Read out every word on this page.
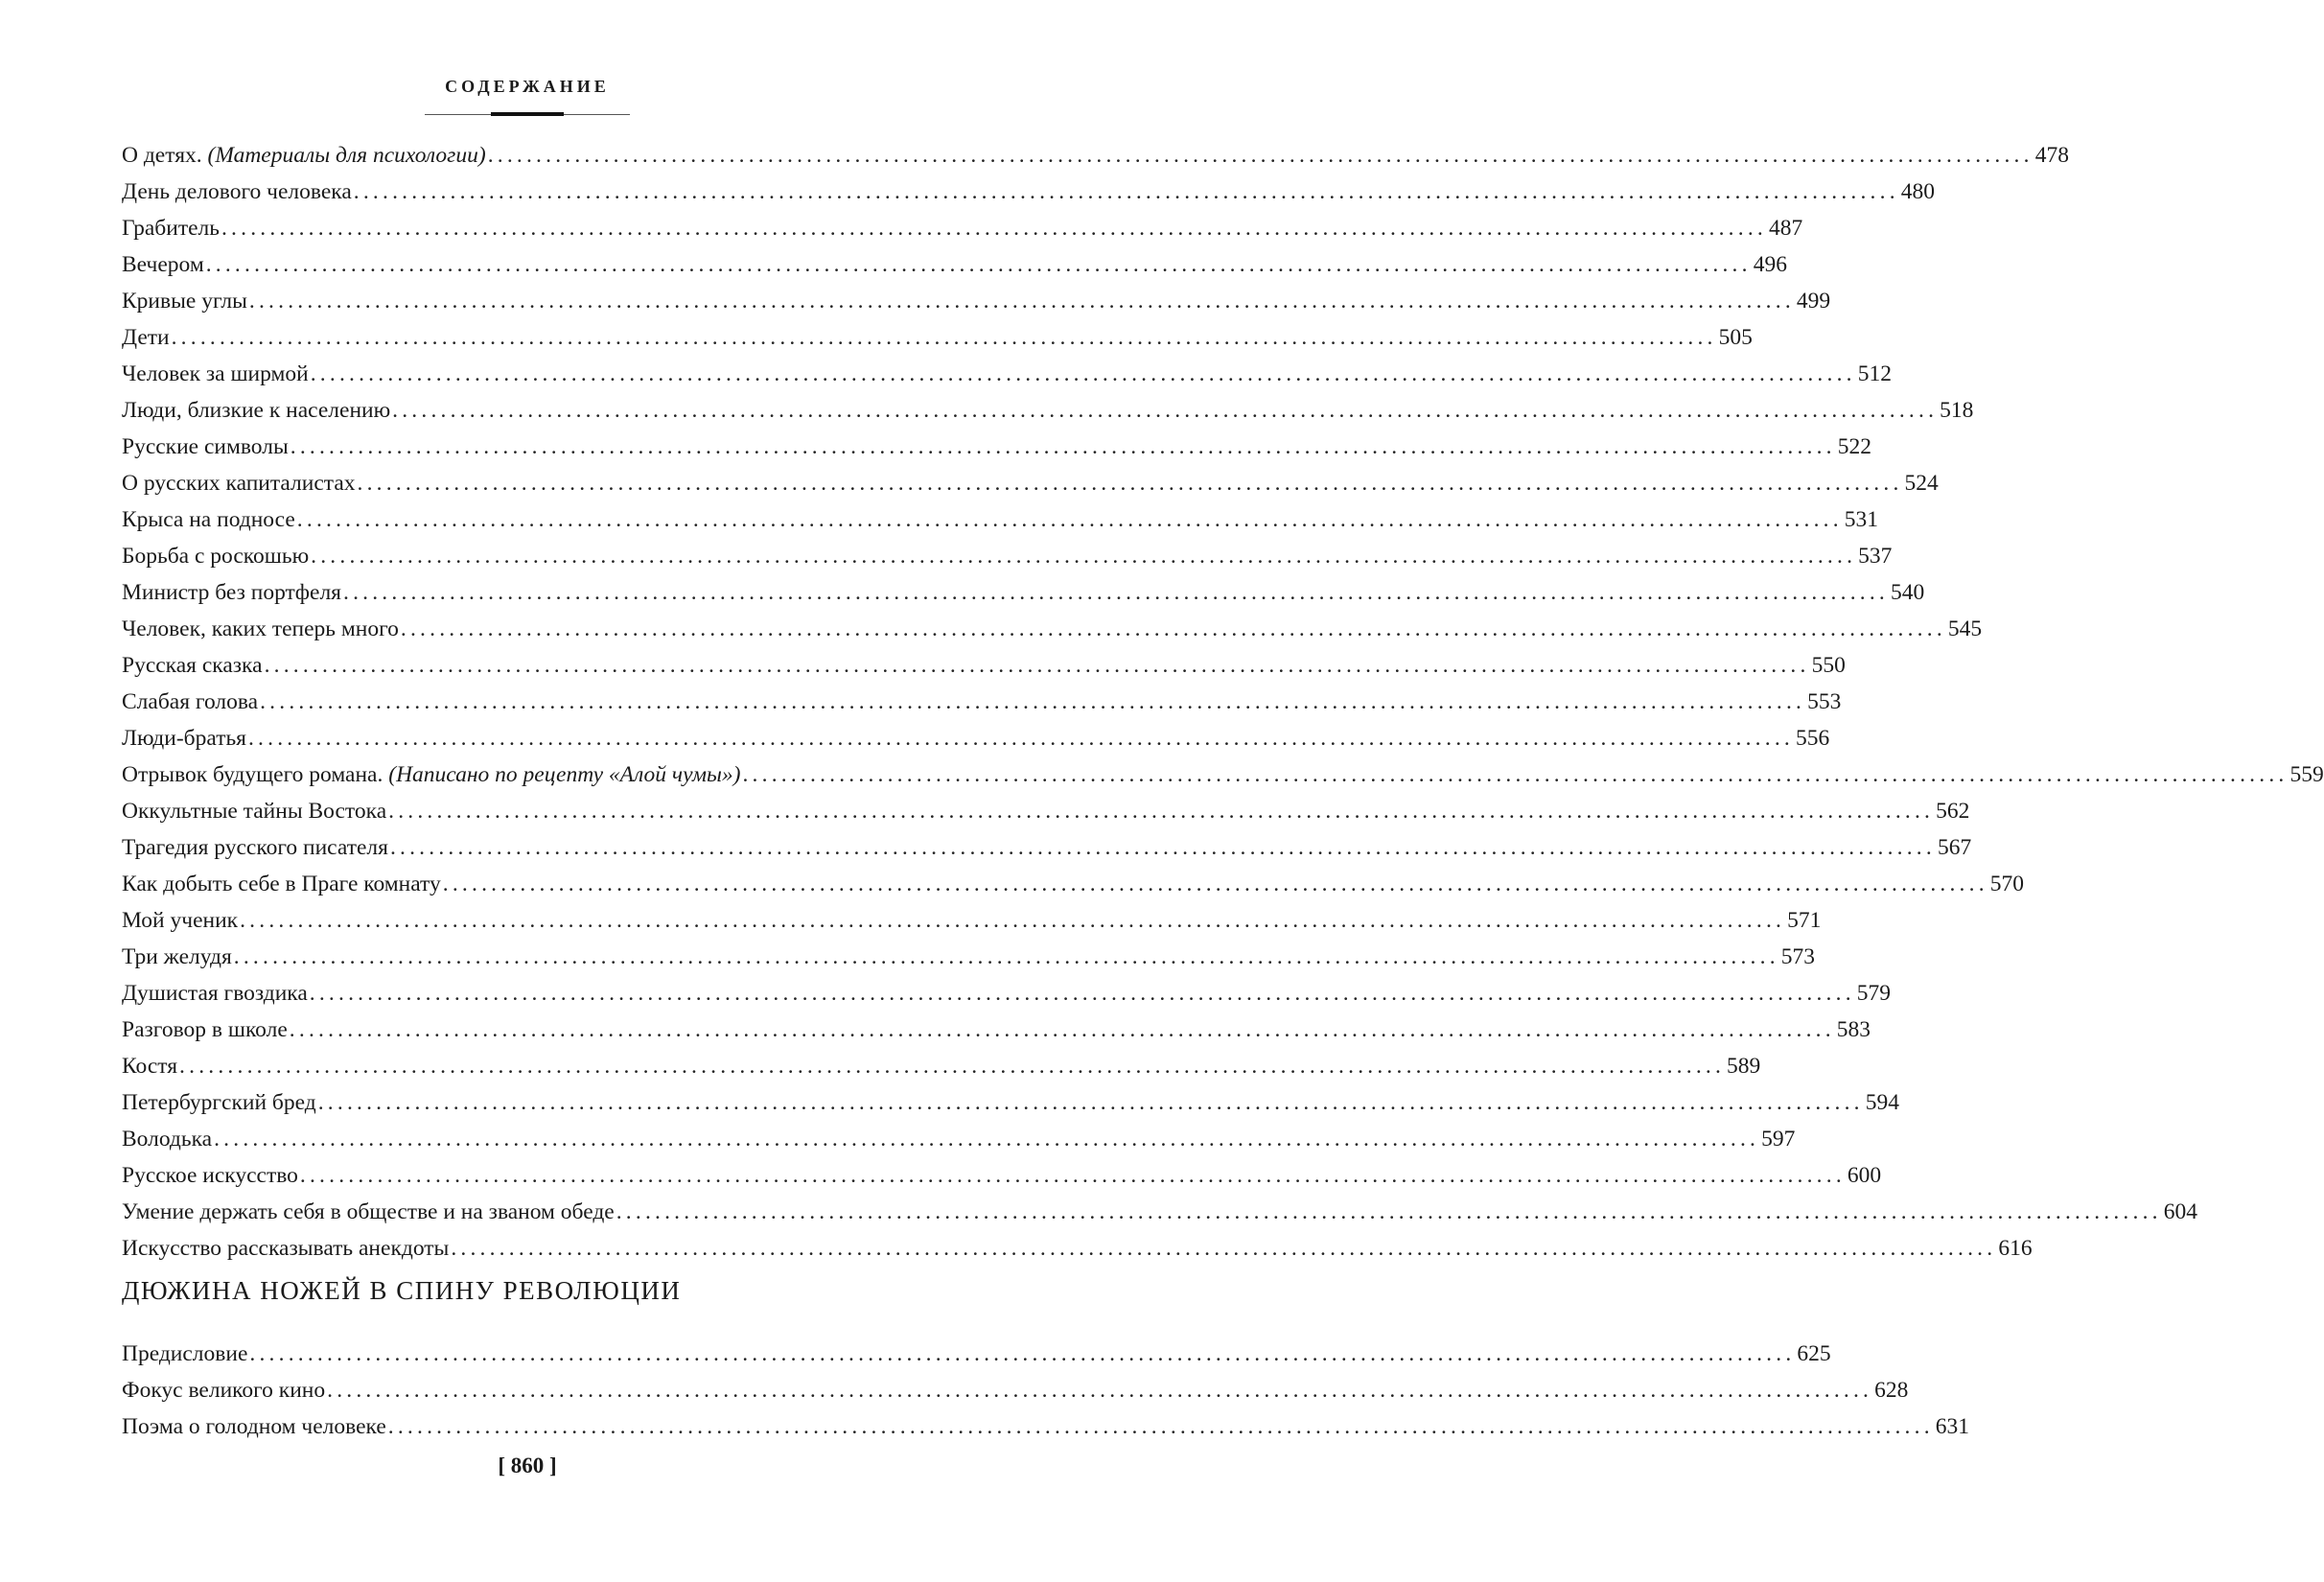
СОДЕРЖАНИЕ
О детях. (Материалы для психологии) ................................................................................................................................................................ 478
День делового человека ................................................................................................................................................................ 480
Грабитель ................................................................................................................................................................ 487
Вечером ................................................................................................................................................................ 496
Кривые углы ................................................................................................................................................................ 499
Дети ................................................................................................................................................................ 505
Человек за ширмой ................................................................................................................................................................ 512
Люди, близкие к населению ................................................................................................................................................................ 518
Русские символы ................................................................................................................................................................ 522
О русских капиталистах ................................................................................................................................................................ 524
Крыса на подносе ................................................................................................................................................................ 531
Борьба с роскошью ................................................................................................................................................................ 537
Министр без портфеля ................................................................................................................................................................ 540
Человек, каких теперь много ................................................................................................................................................................ 545
Русская сказка ................................................................................................................................................................ 550
Слабая голова ................................................................................................................................................................ 553
Люди-братья ................................................................................................................................................................ 556
Отрывок будущего романа. (Написано по рецепту «Алой чумы») ................................................................................................................................................................ 559
Оккультные тайны Востока ................................................................................................................................................................ 562
Трагедия русского писателя ................................................................................................................................................................ 567
Как добыть себе в Праге комнату ................................................................................................................................................................ 570
Мой ученик ................................................................................................................................................................ 571
Три желудя ................................................................................................................................................................ 573
Душистая гвоздика ................................................................................................................................................................ 579
Разговор в школе ................................................................................................................................................................ 583
Костя ................................................................................................................................................................ 589
Петербургский бред ................................................................................................................................................................ 594
Володька ................................................................................................................................................................ 597
Русское искусство ................................................................................................................................................................ 600
Умение держать себя в обществе и на званом обеде ................................................................................................................................................................ 604
Искусство рассказывать анекдоты ................................................................................................................................................................ 616
ДЮЖИНА НОЖЕЙ В СПИНУ РЕВОЛЮЦИИ
Предисловие ................................................................................................................................................................ 625
Фокус великого кино ................................................................................................................................................................ 628
Поэма о голодном человеке ................................................................................................................................................................ 631
[ 860 ]
